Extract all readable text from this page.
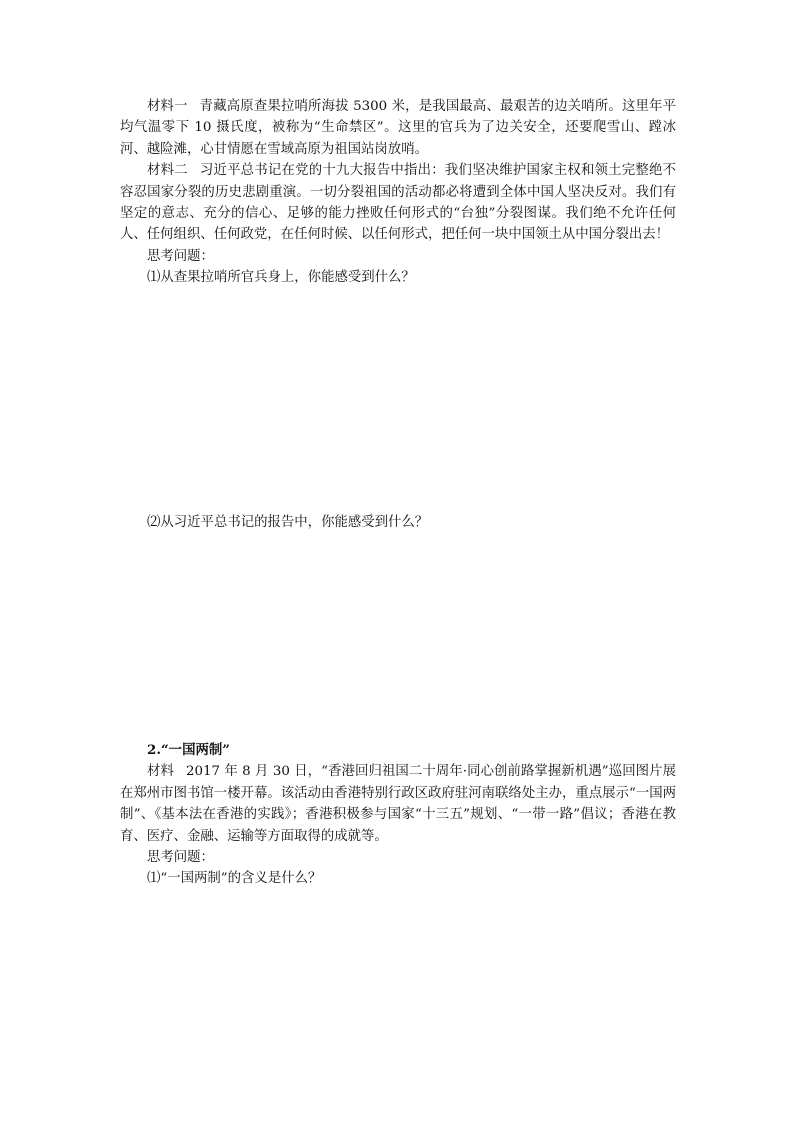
材料一 青藏高原查果拉哨所海拔 5300 米，是我国最高、最艰苦的边关哨所。这里年平均气温零下 10 摄氏度，被称为“生命禁区”。这里的官兵为了边关安全，还要爬雪山、蹚冰河、越险滩，心甘情愿在雪域高原为祖国站岗放哨。

材料二 习近平总书记在党的十九大报告中指出：我们坚决维护国家主权和领土完整绝不容忍国家分裂的历史悲剧重演。一切分裂祖国的活动都必将遭到全体中国人坚决反对。我们有坚定的意志、充分的信心、足够的能力挫败任何形式的“台独”分裂图谋。我们绝不允许任何人、任何组织、任何政党，在任何时候、以任何形式，把任何一块中国领土从中国分裂出去！

思考问题：

⑴从查果拉哨所官兵身上，你能感受到什么？

⑵从习近平总书记的报告中，你能感受到什么？

2.“一国两制”

材料 2017 年 8 月 30 日，“香港回归祖国二十周年·同心创前路掌握新机遇”巡回图片展在郑州市图书馆一楼开幕。该活动由香港特别行政区政府驻河南联络处主办，重点展示“一国两制”、《基本法在香港的实践》；香港积极参与国家“十三五”规划、“一带一路”倡议；香港在教育、医疗、金融、运输等方面取得的成就等。

思考问题：

⑴“一国两制”的含义是什么？
